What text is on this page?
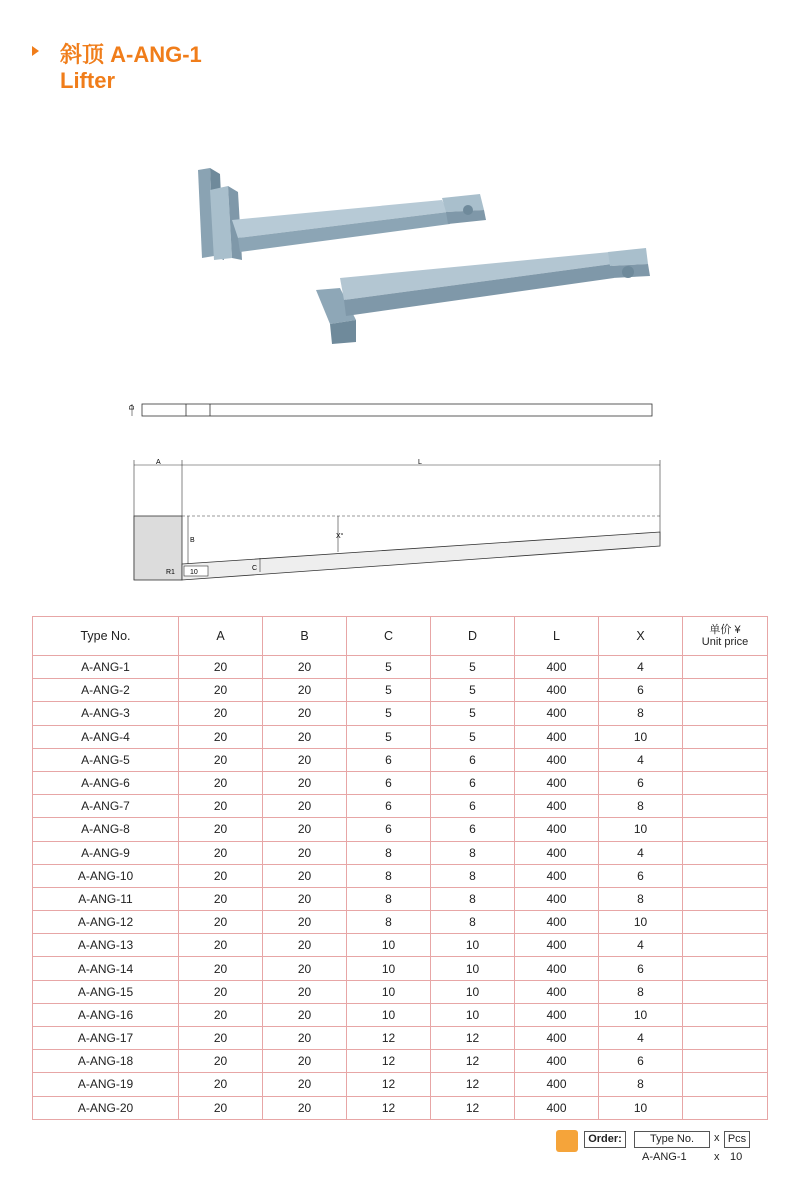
斜顶 A-ANG-1
Lifter
D
A	L
X°
B
C
10
R1
Type No.	A	B	C	D	L	X	单价 ¥
Unit price

A-ANG-1	20	20	5	5	400	4	
A-ANG-2	20	20	5	5	400	6	
A-ANG-3	20	20	5	5	400	8	
A-ANG-4	20	20	5	5	400	10	
A-ANG-5	20	20	6	6	400	4	
A-ANG-6	20	20	6	6	400	6	
A-ANG-7	20	20	6	6	400	8	
A-ANG-8	20	20	6	6	400	10	
A-ANG-9	20	20	8	8	400	4	
A-ANG-10	20	20	8	8	400	6	
A-ANG-11	20	20	8	8	400	8	
A-ANG-12	20	20	8	8	400	10	
A-ANG-13	20	20	10	10	400	4	
A-ANG-14	20	20	10	10	400	6	
A-ANG-15	20	20	10	10	400	8	
A-ANG-16	20	20	10	10	400	10	
A-ANG-17	20	20	12	12	400	4	
A-ANG-18	20	20	12	12	400	6	
A-ANG-19	20	20	12	12	400	8	
A-ANG-20	20	20	12	12	400	10	
Order:	Type No.	x Pcs
A-ANG-1 x 10
